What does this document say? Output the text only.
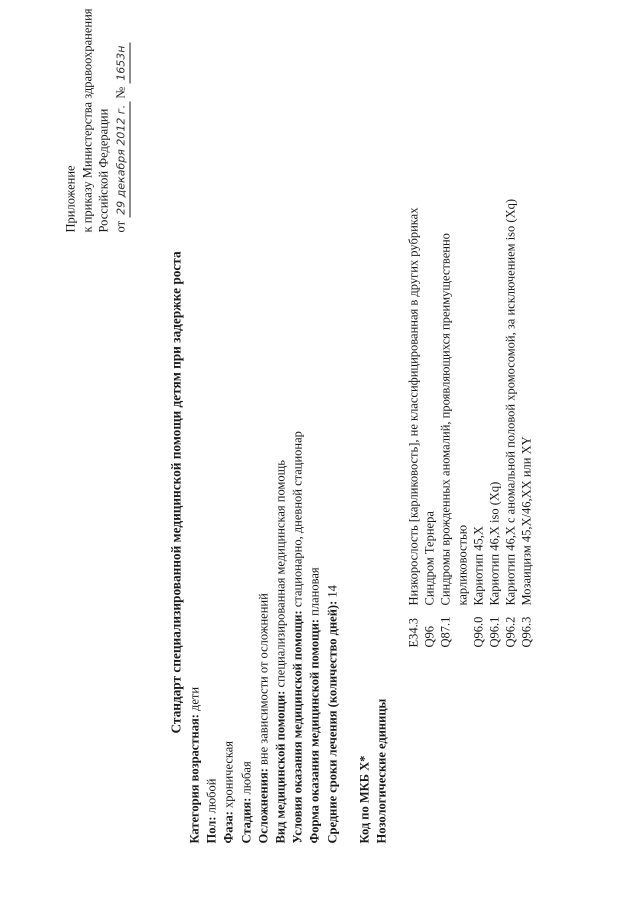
Приложение к приказу Министерства здравоохранения Российской Федерации от 29 декабря 2012 г. № 1653н
Стандарт специализированной медицинской помощи детям при задержке роста
Категория возрастная: дети
Пол: любой
Фаза: хроническая
Стадия: любая Осложнения: вне зависимости от осложнений
Вид медицинской помощи: специализированная медицинская помощь
Условия оказания медицинской помощи: стационарно, дневной стационар
Форма оказания медицинской помощи: плановая
Средние сроки лечения (количество дней): 14
Код по МКБ X* Нозологические единицы
E34.3
Низкорослость [карликовость], не классифицированная в других рубриках
Q96
Синдром Тернера
Q87.1
Синдромы врожденных аномалий, проявляющихся преимущественно карликовостью
Q96.0
Кариотип 45,X
Q96.1
Кариотип 46,X iso (Xq)
Q96.2
Кариотип 46,X с аномальной половой хромосомой, за исключением iso (Xq)
Q96.3
Мозаицизм 45,X/46,XX или XY
